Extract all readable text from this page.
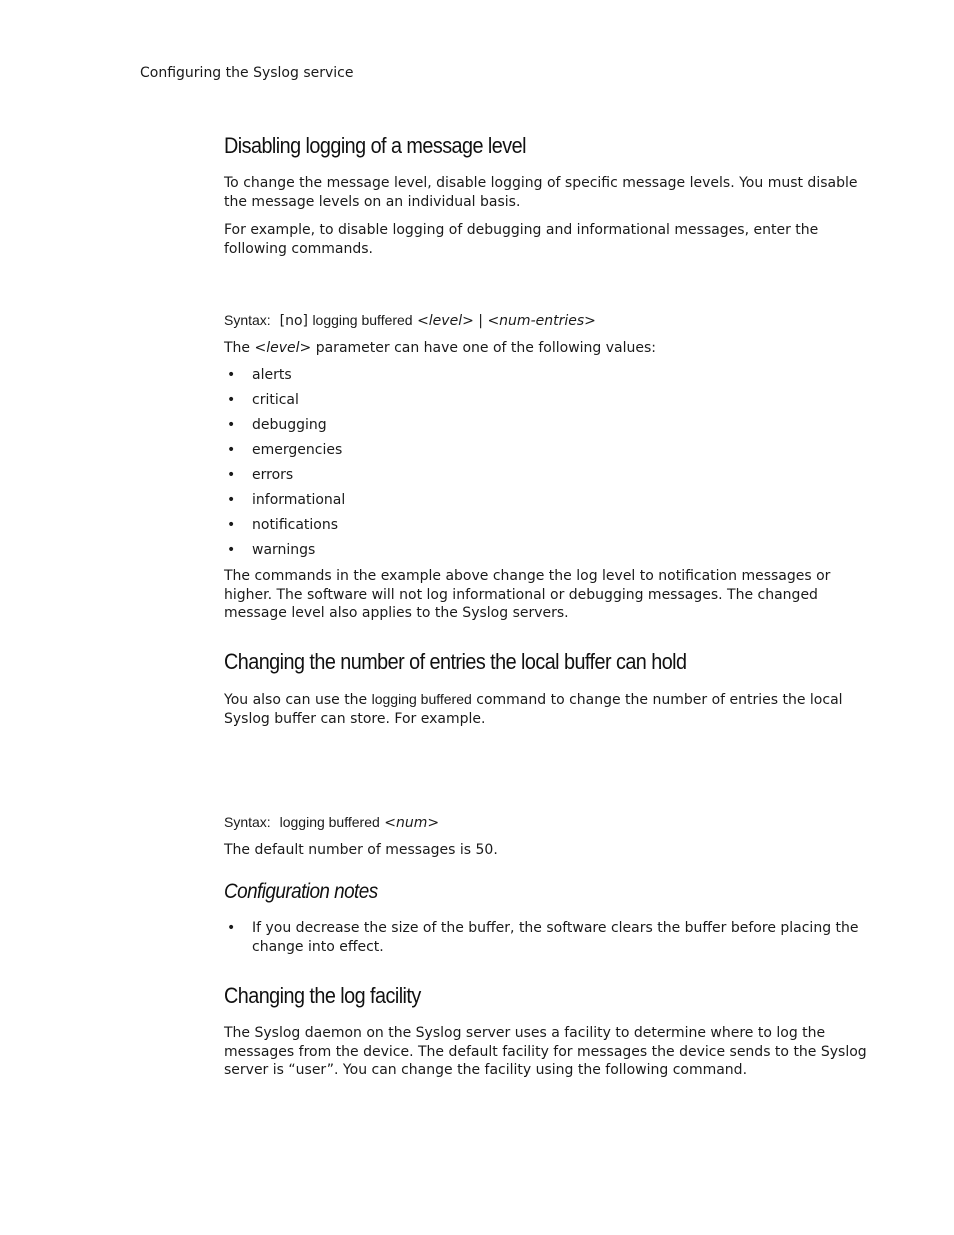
Configuring the Syslog service
Disabling logging of a message level
To change the message level, disable logging of specific message levels. You must disable the message levels on an individual basis.
For example, to disable logging of debugging and informational messages, enter the following commands.
Syntax: [no] logging buffered <level> | <num-entries>
The <level> parameter can have one of the following values:
• alerts
• critical
• debugging
• emergencies
• errors
• informational
• notifications
• warnings
The commands in the example above change the log level to notification messages or higher. The software will not log informational or debugging messages. The changed message level also applies to the Syslog servers.
Changing the number of entries the local buffer can hold
You also can use the logging buffered command to change the number of entries the local Syslog buffer can store. For example.
Syntax: logging buffered <num>
The default number of messages is 50.
Configuration notes
• If you decrease the size of the buffer, the software clears the buffer before placing the change into effect.
Changing the log facility
The Syslog daemon on the Syslog server uses a facility to determine where to log the messages from the device. The default facility for messages the device sends to the Syslog server is “user”. You can change the facility using the following command.
